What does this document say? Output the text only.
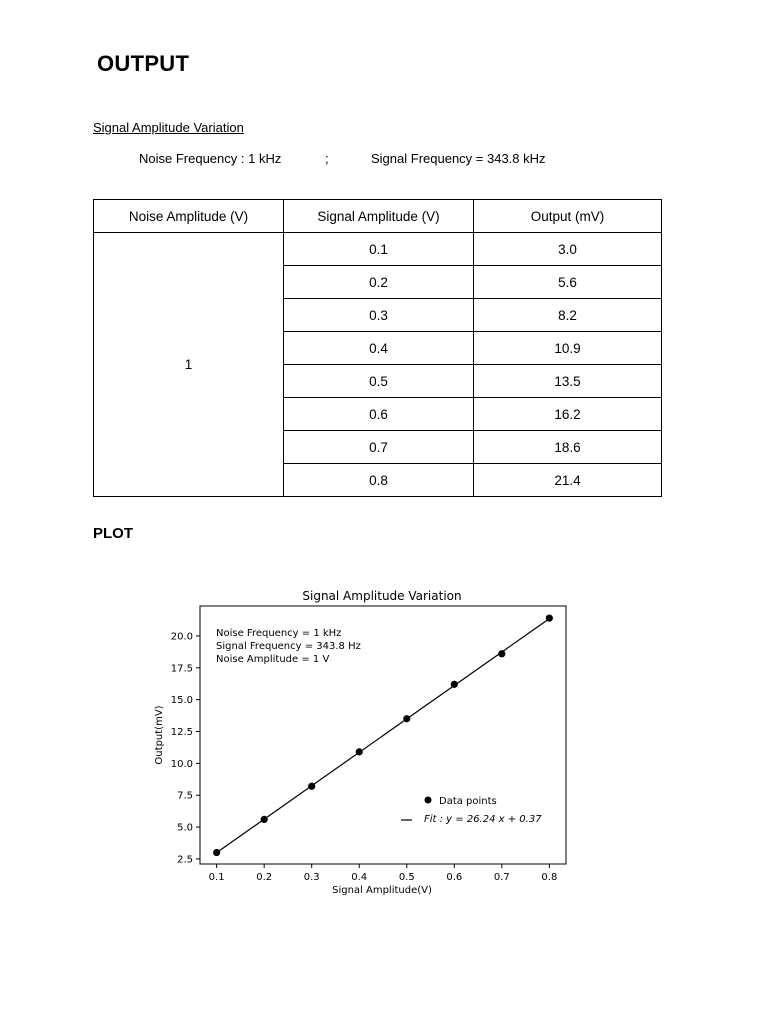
OUTPUT
Signal Amplitude Variation
Noise Frequency : 1 kHz	;	Signal Frequency = 343.8 kHz
Noise Amplitude (V)	Signal Amplitude (V)	Output (mV)
1	0.1	3.0
	0.2	5.6
	0.3	8.2
	0.4	10.9
	0.5	13.5
	0.6	16.2
	0.7	18.6
	0.8	21.4
PLOT
Signal Amplitude Variation
2.5
5.0
7.5
10.0
12.5
15.0
17.5
20.0
0.1	0.2	0.3	0.4	0.5	0.6	0.7	0.8
Noise Frequency = 1 kHz
Signal Frequency = 343.8 Hz
Noise Amplitude = 1 V
Data points
Fit : y = 26.24 x + 0.37
Signal Amplitude(V)
Output(mV)
